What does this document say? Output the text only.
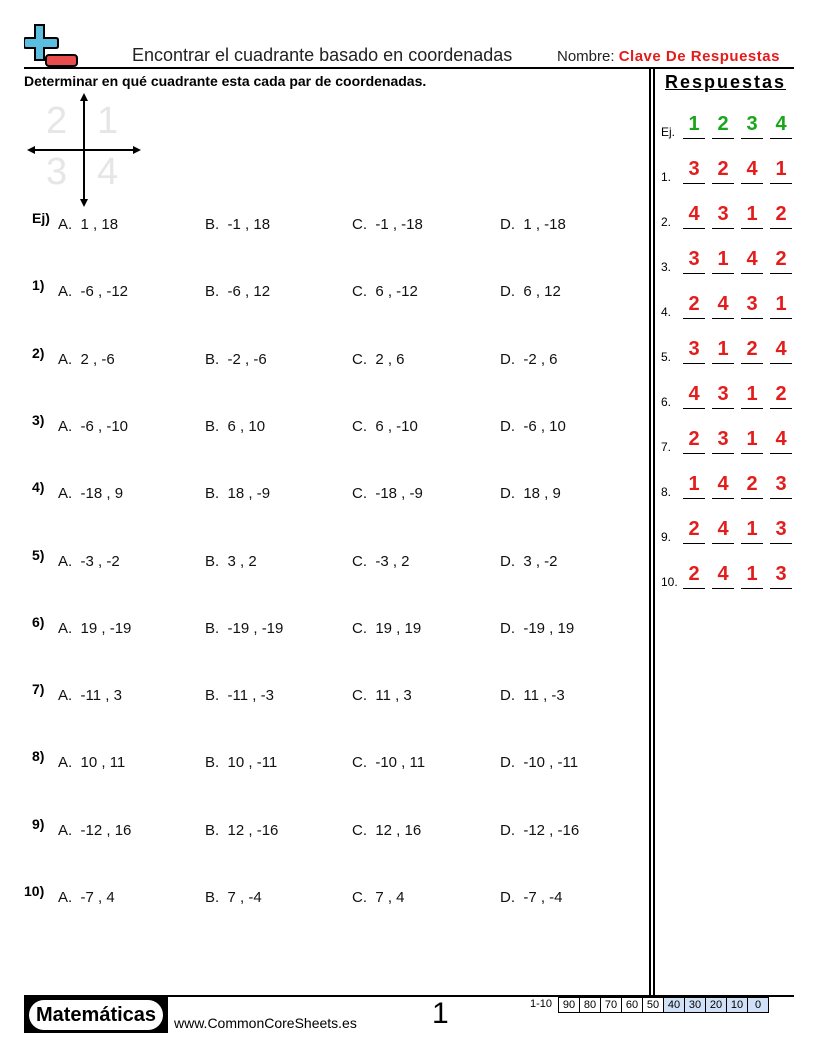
Encontrar el cuadrante basado en coordenadas	Nombre: Clave De Respuestas
Determinar en qué cuadrante esta cada par de coordenadas.	Respuestas
2 1
3 4
Ej) A.  1 , 18	B.  -1 , 18	C.  -1 , -18	D.  1 , -18
1) A.  -6 , -12	B.  -6 , 12	C.  6 , -12	D.  6 , 12
2) A.  2 , -6	B.  -2 , -6	C.  2 , 6	D.  -2 , 6
3) A.  -6 , -10	B.  6 , 10	C.  6 , -10	D.  -6 , 10
4) A.  -18 , 9	B.  18 , -9	C.  -18 , -9	D.  18 , 9
5) A.  -3 , -2	B.  3 , 2	C.  -3 , 2	D.  3 , -2
6) A.  19 , -19	B.  -19 , -19	C.  19 , 19	D.  -19 , 19
7) A.  -11 , 3	B.  -11 , -3	C.  11 , 3	D.  11 , -3
8) A.  10 , 11	B.  10 , -11	C.  -10 , 11	D.  -10 , -11
9) A.  -12 , 16	B.  12 , -16	C.  12 , 16	D.  -12 , -16
10) A.  -7 , 4	B.  7 , -4	C.  7 , 4	D.  -7 , -4
Ej. 1 2 3 4
1. 3 2 4 1
2. 4 3 1 2
3. 3 1 4 2
4. 2 4 3 1
5. 3 1 2 4
6. 4 3 1 2
7. 2 3 1 4
8. 1 4 2 3
9. 2 4 1 3
10. 2 4 1 3
Matemáticas	www.CommonCoreSheets.es	1	1-10 90 80 70 60 50 40 30 20 10	0
